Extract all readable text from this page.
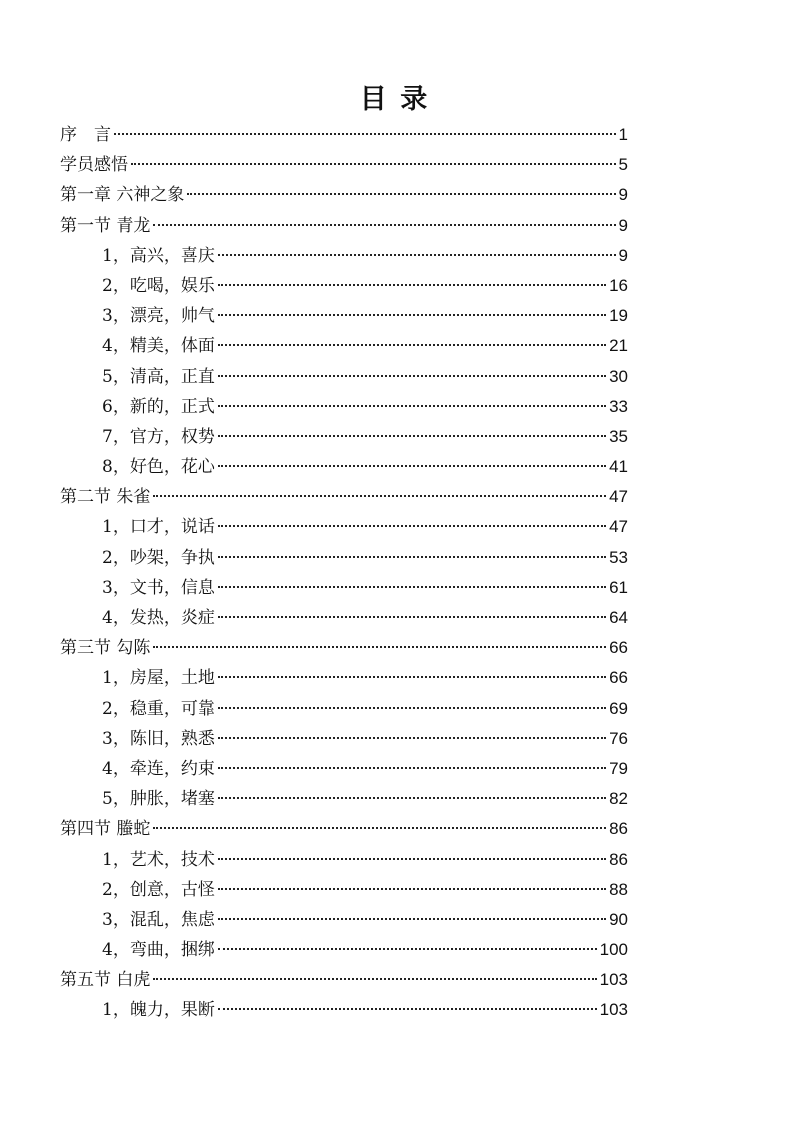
目 录
序　言	1
学员感悟	5
第一章 六神之象	9
第一节 青龙	9
1，高兴，喜庆	9
2，吃喝，娱乐	16
3，漂亮，帅气	19
4，精美，体面	21
5，清高，正直	30
6，新的，正式	33
7，官方，权势	35
8，好色，花心	41
第二节 朱雀	47
1，口才，说话	47
2，吵架，争执	53
3，文书，信息	61
4，发热，炎症	64
第三节 勾陈	66
1，房屋，土地	66
2，稳重，可靠	69
3，陈旧，熟悉	76
4，牵连，约束	79
5，肿胀，堵塞	82
第四节 螣蛇	86
1，艺术，技术	86
2，创意，古怪	88
3，混乱，焦虑	90
4，弯曲，捆绑	100
第五节 白虎	103
1，魄力，果断	103
